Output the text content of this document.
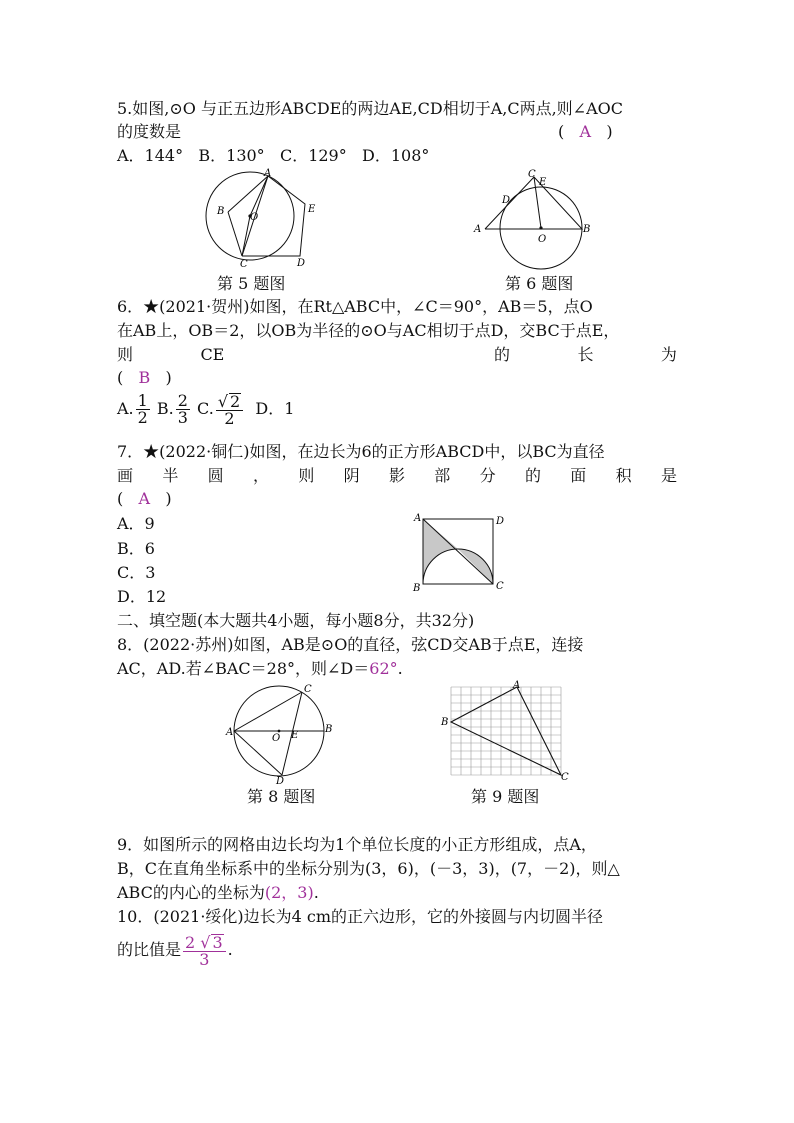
5.如图,⊙O 与正五边形ABCDE的两边AE,CD相切于A,C两点,则∠AOC
的度数是	( A )
A．144° B．130° C．129° D．108°
A
B
O
C	D
E
第 5 题图
C
E
D
A
O
B
第 6 题图
6．★(2021·贺州)如图，在Rt△ABC中，∠C＝90°，AB＝5，点O
在AB上，OB＝2，以OB为半径的⊙O与AC相切于点D，交BC于点E，
则	CE	的	长	为
( B )
A. $\frac{1}{2} B$. $\frac{2}{3} C$. $\frac{√ 2}{2}$ D．1
7．★(2022·铜仁)如图，在边长为6的正方形ABCD中，以BC为直径
画 半 圆 ， 则 阴 影 部 分 的 面 积 是
( A )
A．9
B．6
C．3
D．12
A	D
B	C
二、填空题(本大题共4小题，每小题8分，共32分)
8．(2022·苏州)如图，AB是⊙O的直径，弦CD交AB于点E，连接
AC，AD.若∠BAC＝28°，则∠D＝62°.
C
A
O E
B
D
第 8 题图
A
B
C
第 9 题图
9．如图所示的网格由边长均为1个单位长度的小正方形组成，点A，
B，C在直角坐标系中的坐标分别为(3，6)，(－3，3)，(7，－2)，则△
ABC的内心的坐标为(2，3).
10．(2021·绥化)边长为4 cm的正六边形，它的外接圆与内切圆半径
的比值是 $\frac{2 √ 3}{3}$ .
